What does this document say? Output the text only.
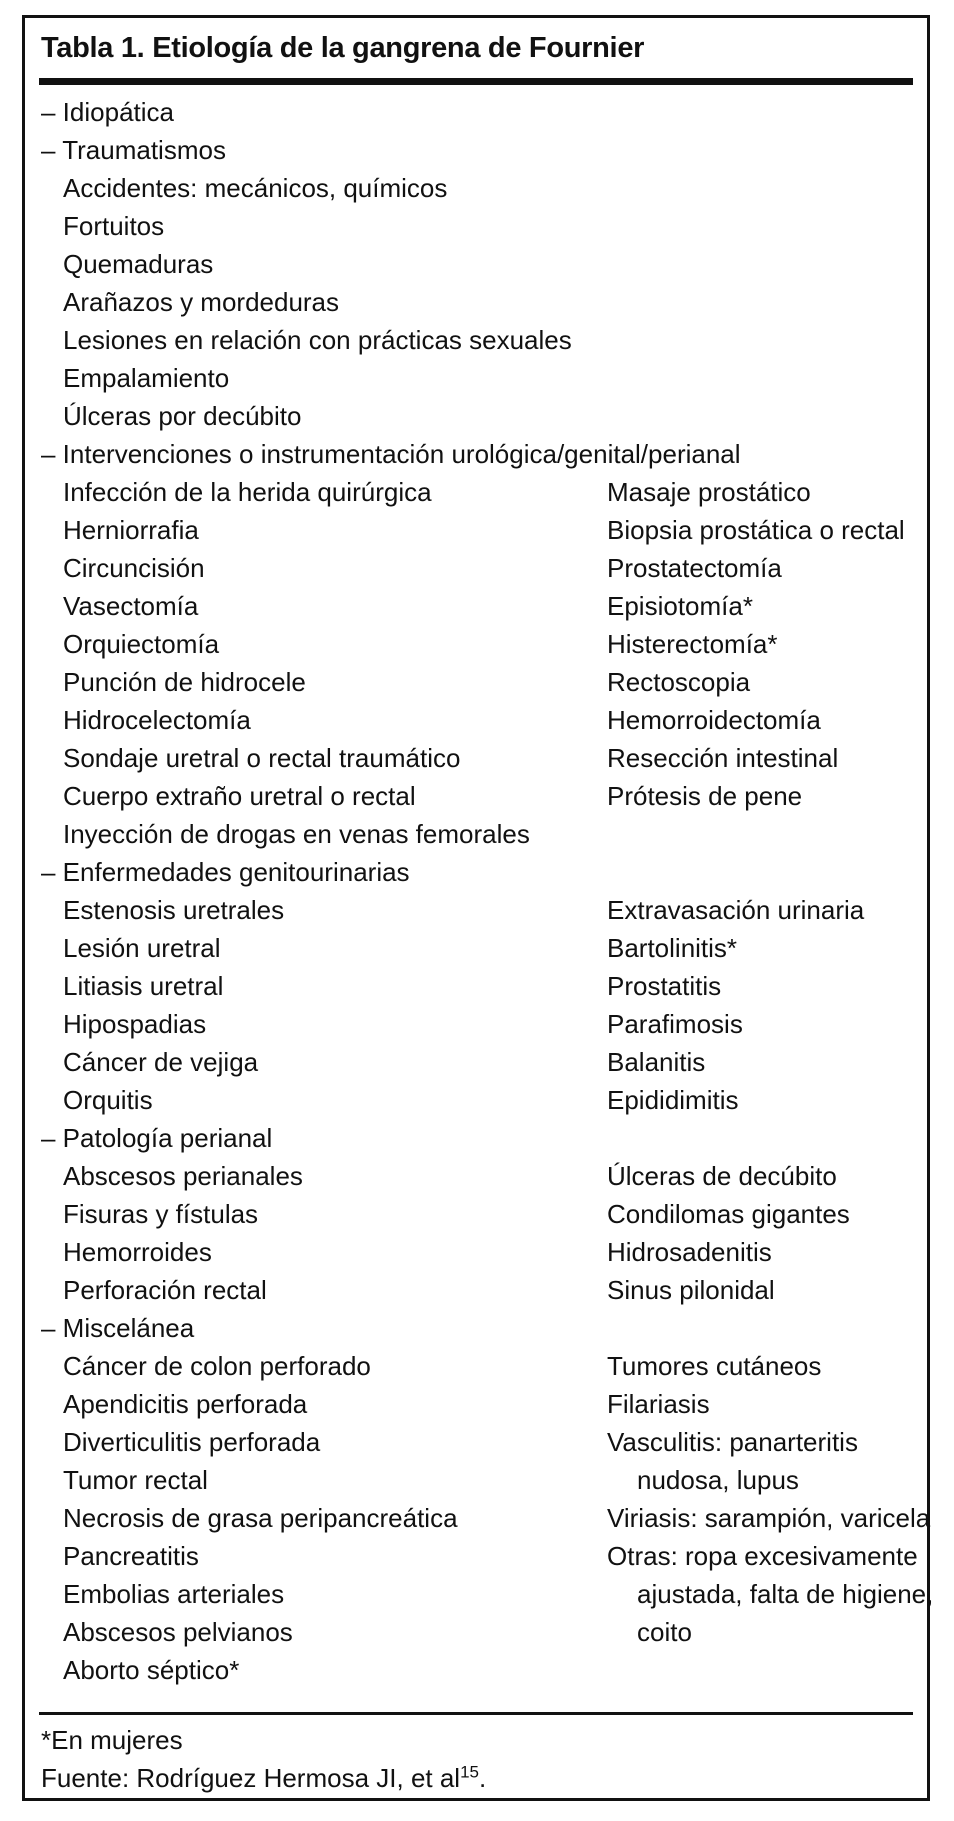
Tabla 1. Etiología de la gangrena de Fournier
– Idiopática
– Traumatismos
Accidentes: mecánicos, químicos
Fortuitos
Quemaduras
Arañazos y mordeduras
Lesiones en relación con prácticas sexuales
Empalamiento
Úlceras por decúbito
– Intervenciones o instrumentación urológica/genital/perianal
Infección de la herida quirúrgica	Masaje prostático
Herniorrafia	Biopsia prostática o rectal
Circuncisión	Prostatectomía
Vasectomía	Episiotomía*
Orquiectomía	Histerectomía*
Punción de hidrocele	Rectoscopia
Hidrocelectomía	Hemorroidectomía
Sondaje uretral o rectal traumático	Resección intestinal
Cuerpo extraño uretral o rectal	Prótesis de pene
Inyección de drogas en venas femorales
– Enfermedades genitourinarias
Estenosis uretrales	Extravasación urinaria
Lesión uretral	Bartolinitis*
Litiasis uretral	Prostatitis
Hipospadias	Parafimosis
Cáncer de vejiga	Balanitis
Orquitis	Epididimitis
– Patología perianal
Abscesos perianales	Úlceras de decúbito
Fisuras y fístulas	Condilomas gigantes
Hemorroides	Hidrosadenitis
Perforación rectal	Sinus pilonidal
– Miscelánea
Cáncer de colon perforado	Tumores cutáneos
Apendicitis perforada	Filariasis
Diverticulitis perforada	Vasculitis: panarteritis
Tumor rectal	nudosa, lupus
Necrosis de grasa peripancreática	Viriasis: sarampión, varicela
Pancreatitis	Otras: ropa excesivamente
Embolias arteriales	ajustada, falta de higiene,
Abscesos pelvianos	coito
Aborto séptico*
*En mujeres
Fuente: Rodríguez Hermosa JI, et $al^{15}$.
